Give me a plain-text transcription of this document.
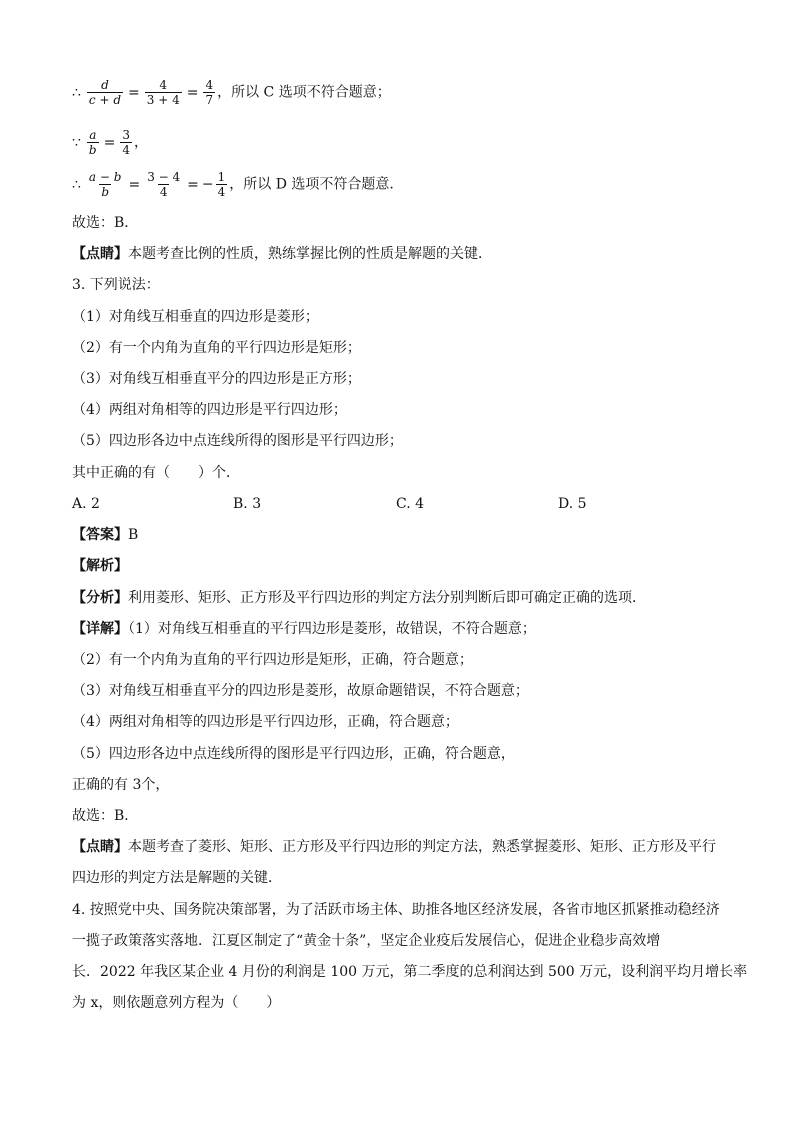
∴ $\frac{d}{c + d} = \frac{4}{3 + 4} = \frac{4}{7}$ ，所以 C 选项不符合题意；
∵ $\frac{a}{b} = \frac{3}{4}$ ，
∴ $\frac{a - b}{b} = \frac{3 - 4}{4}$ = − $\frac{1}{4}$ ，所以 D 选项不符合题意.
故选：B．
【点睛】本题考查比例的性质，熟练掌握比例的性质是解题的关键．
3. 下列说法：
（1）对角线互相垂直的四边形是菱形；
（2）有一个内角为直角的平行四边形是矩形；
（3）对角线互相垂直平分的四边形是正方形；
（4）两组对角相等的四边形是平行四边形；
（5）四边形各边中点连线所得的图形是平行四边形；
其中正确的有（　　）个．
A. 2	B. 3	C. 4	D. 5
【答案】B
【解析】
【分析】利用菱形、矩形、正方形及平行四边形的判定方法分别判断后即可确定正确的选项．
【详解】（1）对角线互相垂直的平行四边形是菱形，故错误，不符合题意；
（2）有一个内角为直角的平行四边形是矩形，正确，符合题意；
（3）对角线互相垂直平分的四边形是菱形，故原命题错误，不符合题意；
（4）两组对角相等的四边形是平行四边形，正确，符合题意；
（5）四边形各边中点连线所得的图形是平行四边形，正确，符合题意，
正确的有 3个，
故选：B．
【点睛】本题考查了菱形、矩形、正方形及平行四边形的判定方法，熟悉掌握菱形、矩形、正方形及平行
四边形的判定方法是解题的关键．
4. 按照党中央、国务院决策部署，为了活跃市场主体、助推各地区经济发展，各省市地区抓紧推动稳经济
一揽子政策落实落地．江夏区制定了“黄金十条”，坚定企业疫后发展信心，促进企业稳步高效增
长．2022 年我区某企业 4 月份的利润是 100 万元，第二季度的总利润达到 500 万元，设利润平均月增长率
为 x，则依题意列方程为（　　）
